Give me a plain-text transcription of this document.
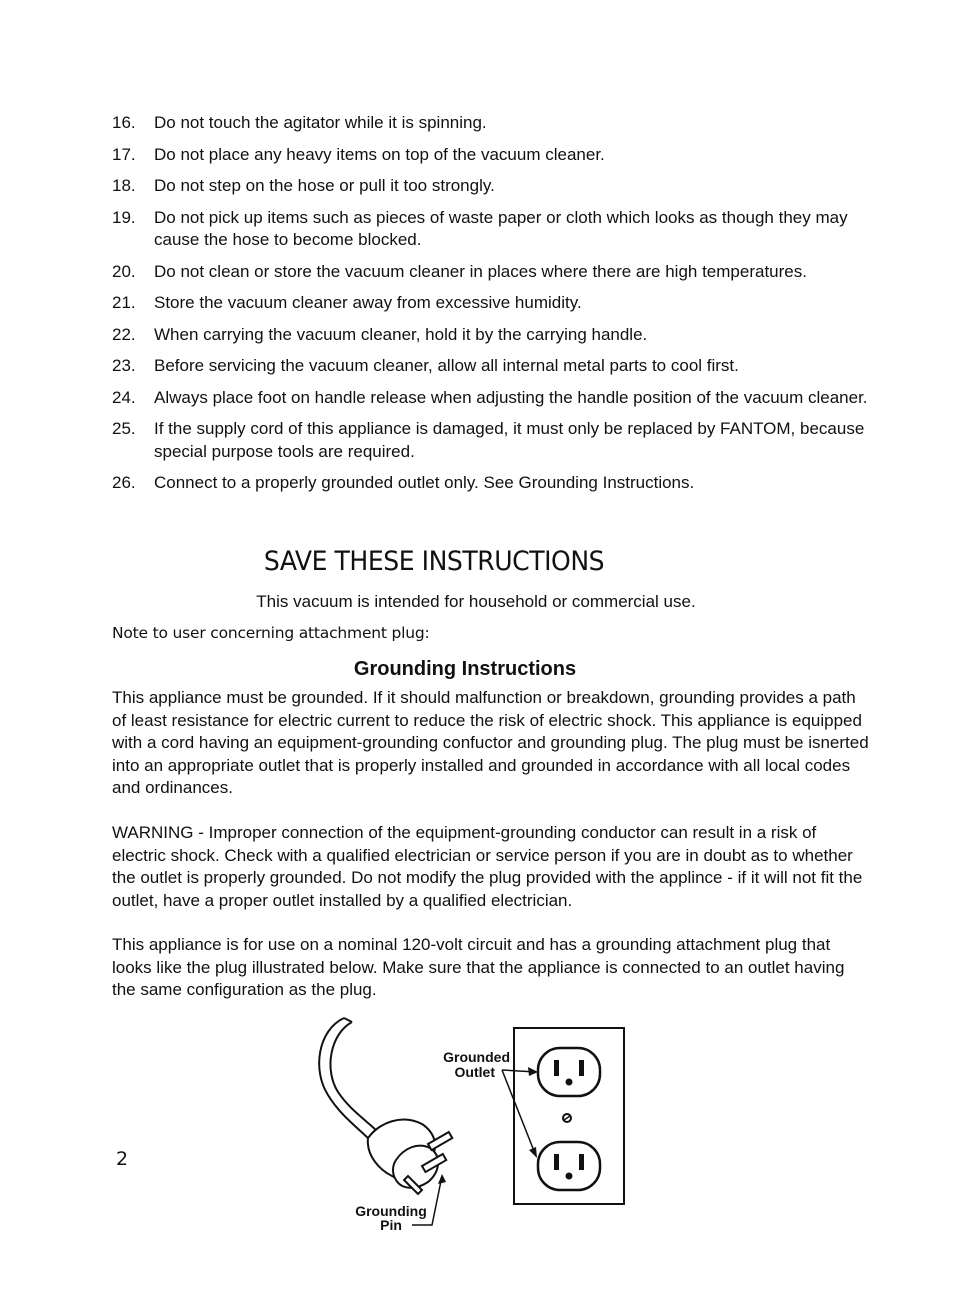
16.	Do not touch the agitator while it is spinning.
17.	Do not place any heavy items on top of the vacuum cleaner.
18.	Do not step on the hose or pull it too strongly.
19.	Do not pick up items such as pieces of waste paper or cloth which looks as though they may cause the hose to become blocked.
20.	Do not clean or store the vacuum cleaner in places where there are high temperatures.
21.	Store the vacuum cleaner away from excessive humidity.
22.	When carrying the vacuum cleaner, hold it by the carrying handle.
23.	Before servicing the vacuum cleaner, allow all internal metal parts to cool first.
24.	Always place foot on handle release when adjusting the handle position of the vacuum cleaner.
25.	If the supply cord of this appliance is damaged, it must only be replaced by FANTOM, because special purpose tools are required.
26.	Connect to a properly grounded outlet only. See Grounding Instructions.
SAVE THESE INSTRUCTIONS
This vacuum is intended for household or commercial use.
Note to user concerning attachment plug:
Grounding Instructions

This appliance must be grounded. If it should malfunction or breakdown, grounding provides a path of least resistance for electric current to reduce the risk of electric shock. This appliance is equipped with a cord having an equipment-grounding confuctor and grounding plug. The plug must be isnerted into an appropriate outlet that is properly installed and grounded in accordance with all local codes and ordinances.

WARNING - Improper connection of the equipment-grounding conductor can result in a risk of electric shock. Check with a qualified electrician or service person if you are in doubt as to whether the outlet is properly grounded. Do not modify the plug provided with the applince - if it will not fit the outlet, have a proper outlet installed by a qualified electrician.

This appliance is for use on a nominal 120-volt circuit and has a grounding attachment plug that looks like the plug illustrated below. Make sure that the appliance is connected to an outlet having the same configuration as the plug.

Grounded
Outlet
Grounding
Pin
2
